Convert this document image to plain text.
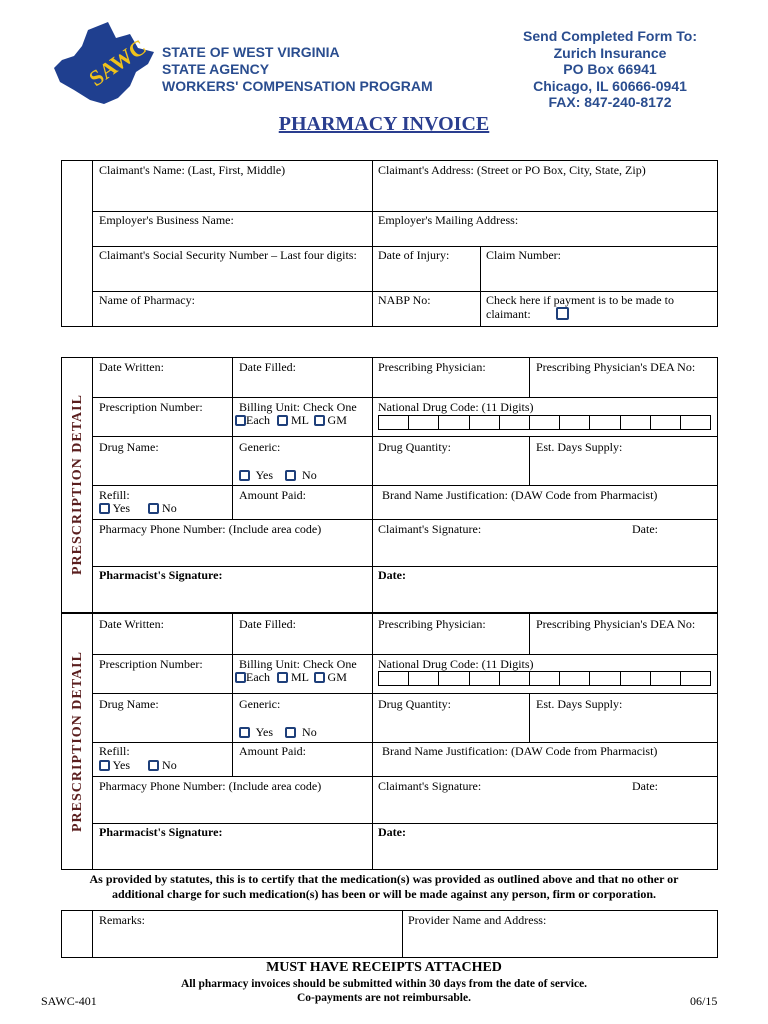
SAWC STATE OF WEST VIRGINIA
STATE AGENCY
WORKERS' COMPENSATION PROGRAM
Send Completed Form To:
Zurich Insurance
PO Box 66941
Chicago, IL 60666-0941
FAX: 847-240-8172
PHARMACY INVOICE
Claimant's Name: (Last, First, Middle)	Claimant's Address: (Street or PO Box, City, State, Zip)
Employer's Business Name:	Employer's Mailing Address:
Claimant's Social Security Number – Last four digits:	Date of Injury:	Claim Number:
Name of Pharmacy:	NABP No:	Check here if payment is to be made to claimant:
PRESCRIPTION DETAIL
Date Written:	Date Filled:	Prescribing Physician:	Prescribing Physician's DEA No:
Prescription Number:	Billing Unit: Check One
Each ML GM
National Drug Code: (11 Digits)
Drug Name:	Generic:
Yes No
Drug Quantity:	Est. Days Supply:
Refill:
Yes	No
Amount Paid:	Brand Name Justification: (DAW Code from Pharmacist)
Pharmacy Phone Number: (Include area code)	Claimant's Signature:	Date:
Pharmacist's Signature:	Date:
PRESCRIPTION DETAIL
Date Written:	Date Filled:	Prescribing Physician:	Prescribing Physician's DEA No:
Prescription Number:	Billing Unit: Check One
Each ML GM
National Drug Code: (11 Digits)
Drug Name:	Generic:
Yes No
Drug Quantity:	Est. Days Supply:
Refill:
Yes	No
Amount Paid:	Brand Name Justification: (DAW Code from Pharmacist)
Pharmacy Phone Number: (Include area code)	Claimant's Signature:	Date:
Pharmacist's Signature:	Date:
As provided by statutes, this is to certify that the medication(s) was provided as outlined above and that no other or
additional charge for such medication(s) has been or will be made against any person, firm or corporation.
Remarks:	Provider Name and Address:
MUST HAVE RECEIPTS ATTACHED
All pharmacy invoices should be submitted within 30 days from the date of service.
Co-payments are not reimbursable.
SAWC-401	06/15
